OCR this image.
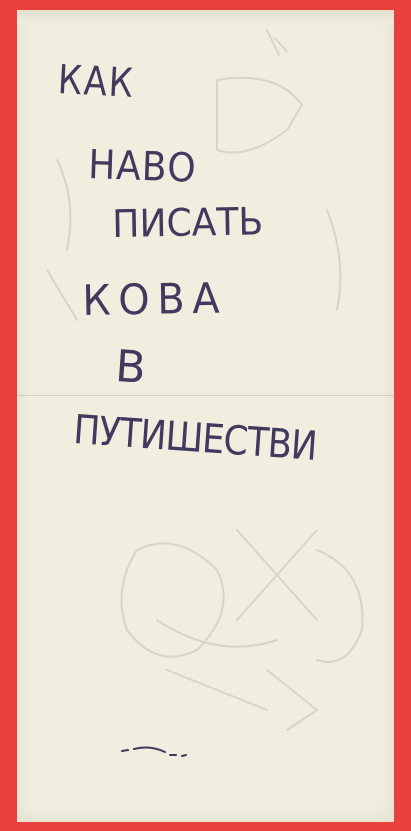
КАК

НАВО

ПИСАТЬ

КОВА

В

ПУТИШЕСТВИ
